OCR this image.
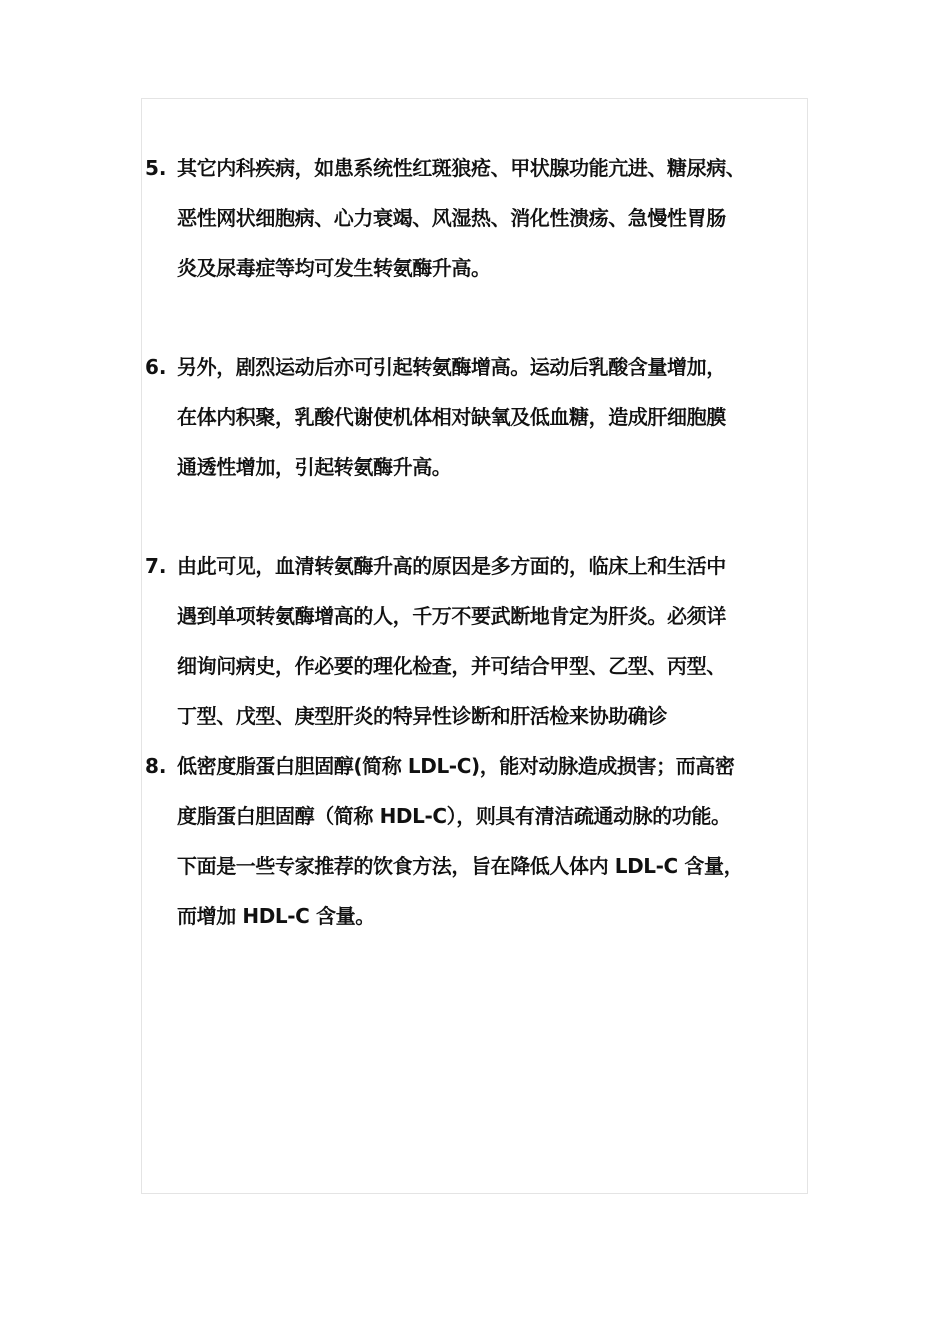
5. 其它内科疾病，如患系统性红斑狼疮、甲状腺功能亢进、糖尿病、
恶性网状细胞病、心力衰竭、风湿热、消化性溃疡、急慢性胃肠
炎及尿毒症等均可发生转氨酶升高。
6. 另外，剧烈运动后亦可引起转氨酶增高。运动后乳酸含量增加，
在体内积聚，乳酸代谢使机体相对缺氧及低血糖，造成肝细胞膜
通透性增加，引起转氨酶升高。
7. 由此可见，血清转氨酶升高的原因是多方面的，临床上和生活中
遇到单项转氨酶增高的人，千万不要武断地肯定为肝炎。必须详
细询问病史，作必要的理化检查，并可结合甲型、乙型、丙型、
丁型、戊型、庚型肝炎的特异性诊断和肝活检来协助确诊
8. 低密度脂蛋白胆固醇(简称 LDL-C)，能对动脉造成损害；而高密
度脂蛋白胆固醇（简称 HDL-C），则具有清洁疏通动脉的功能。
下面是一些专家推荐的饮食方法，旨在降低人体内 LDL-C 含量，
而增加 HDL-C 含量。
